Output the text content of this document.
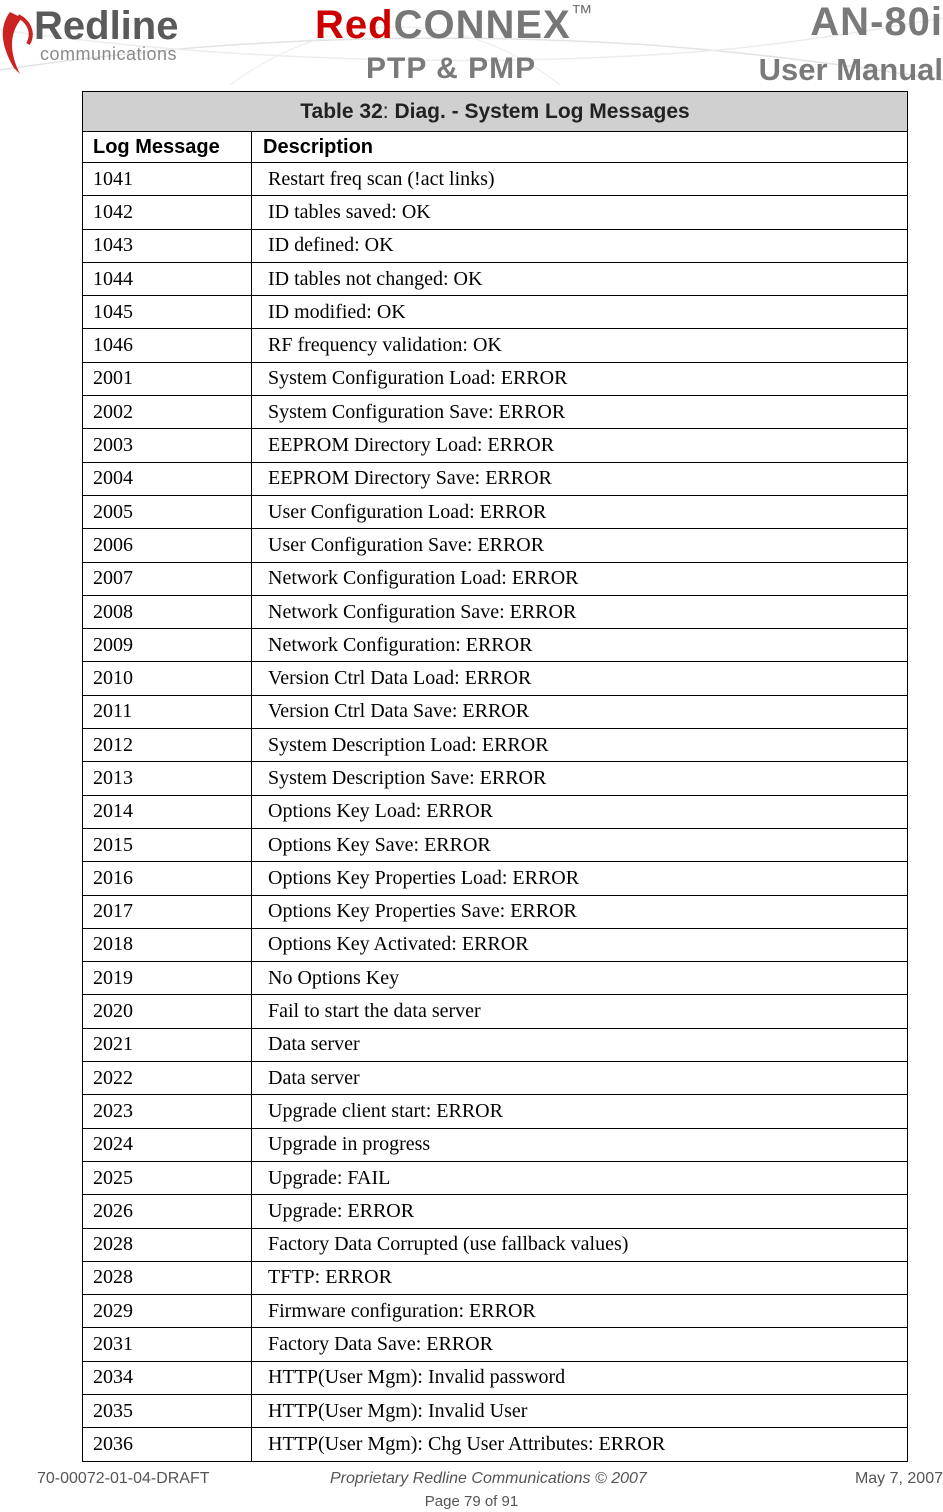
Redline
communications
RedCONNEX™
PTP & PMP
AN-80i
User Manual
Table 32: Diag. - System Log Messages	
Log Message	Description
1041	Restart freq scan (!act links)
1042	ID tables saved: OK
1043	ID defined: OK
1044	ID tables not changed: OK
1045	ID modified: OK
1046	RF frequency validation: OK
2001	System Configuration Load: ERROR
2002	System Configuration Save: ERROR
2003	EEPROM Directory Load: ERROR
2004	EEPROM Directory Save: ERROR
2005	User Configuration Load: ERROR
2006	User Configuration Save: ERROR
2007	Network Configuration Load: ERROR
2008	Network Configuration Save: ERROR
2009	Network Configuration: ERROR
2010	Version Ctrl Data Load: ERROR
2011	Version Ctrl Data Save: ERROR
2012	System Description Load: ERROR
2013	System Description Save: ERROR
2014	Options Key Load: ERROR
2015	Options Key Save: ERROR
2016	Options Key Properties Load: ERROR
2017	Options Key Properties Save: ERROR
2018	Options Key Activated: ERROR
2019	No Options Key
2020	Fail to start the data server
2021	Data server
2022	Data server
2023	Upgrade client start: ERROR
2024	Upgrade in progress
2025	Upgrade: FAIL
2026	Upgrade: ERROR
2028	Factory Data Corrupted (use fallback values)
2028	TFTP: ERROR
2029	Firmware configuration: ERROR
2031	Factory Data Save: ERROR
2034	HTTP(User Mgm): Invalid password
2035	HTTP(User Mgm): Invalid User
2036	HTTP(User Mgm): Chg User Attributes: ERROR
70-00072-01-04-DRAFT	Proprietary Redline Communications © 2007	May 7, 2007
Page 79 of 91
